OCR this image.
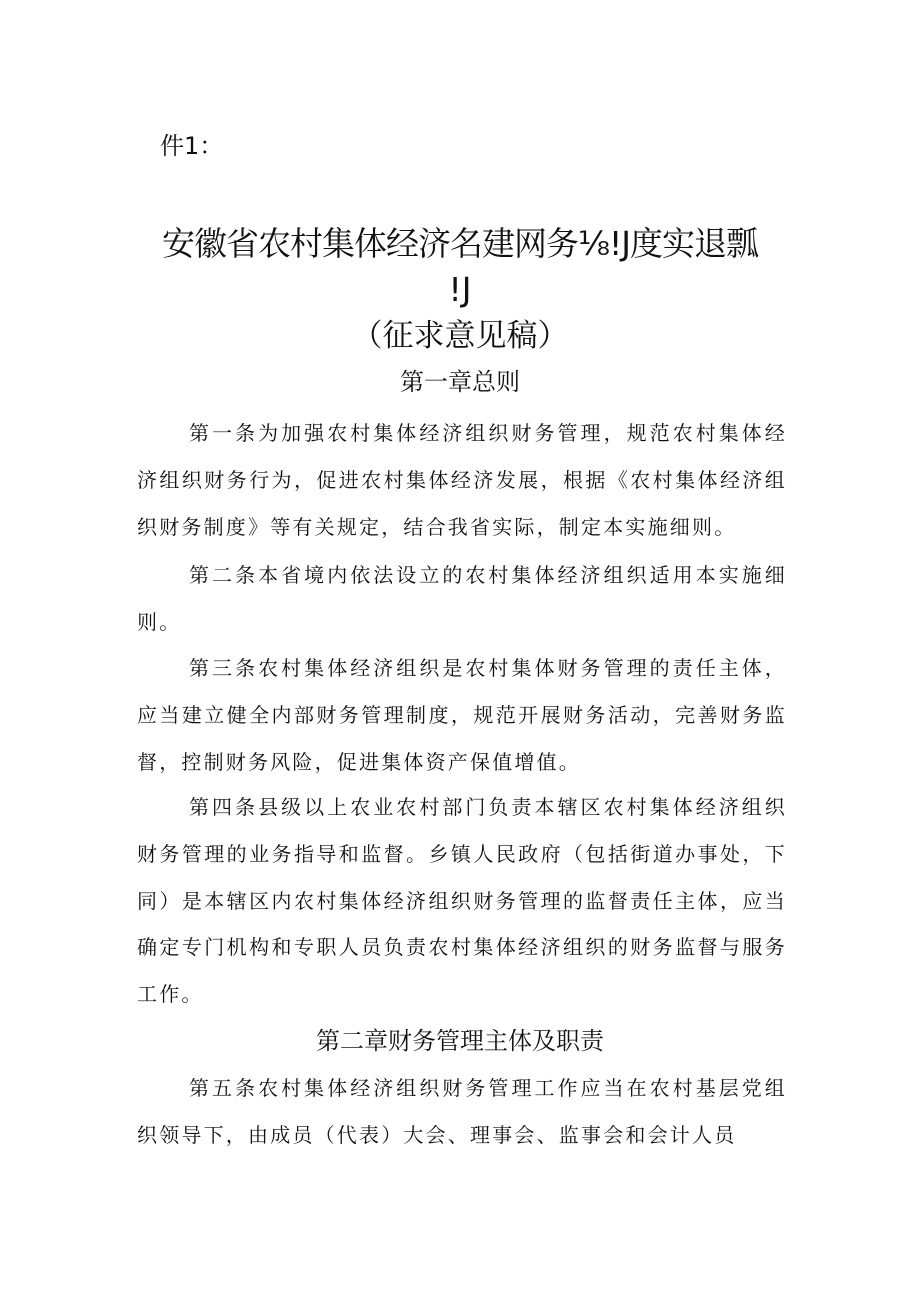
件1：

安徽省农村集体经济名建网务⅛!J度实退瓢
!J
（征求意见稿）
第一章总则

第一条为加强农村集体经济组织财务管理，规范农村集体经济组织财务行为，促进农村集体经济发展，根据《农村集体经济组织财务制度》等有关规定，结合我省实际，制定本实施细则。

第二条本省境内依法设立的农村集体经济组织适用本实施细则。

第三条农村集体经济组织是农村集体财务管理的责任主体，应当建立健全内部财务管理制度，规范开展财务活动，完善财务监督，控制财务风险，促进集体资产保值增值。

第四条县级以上农业农村部门负责本辖区农村集体经济组织财务管理的业务指导和监督。乡镇人民政府（包括街道办事处，下同）是本辖区内农村集体经济组织财务管理的监督责任主体，应当确定专门机构和专职人员负责农村集体经济组织的财务监督与服务工作。

第二章财务管理主体及职责

第五条农村集体经济组织财务管理工作应当在农村基层党组织领导下，由成员（代表）大会、理事会、监事会和会计人员
